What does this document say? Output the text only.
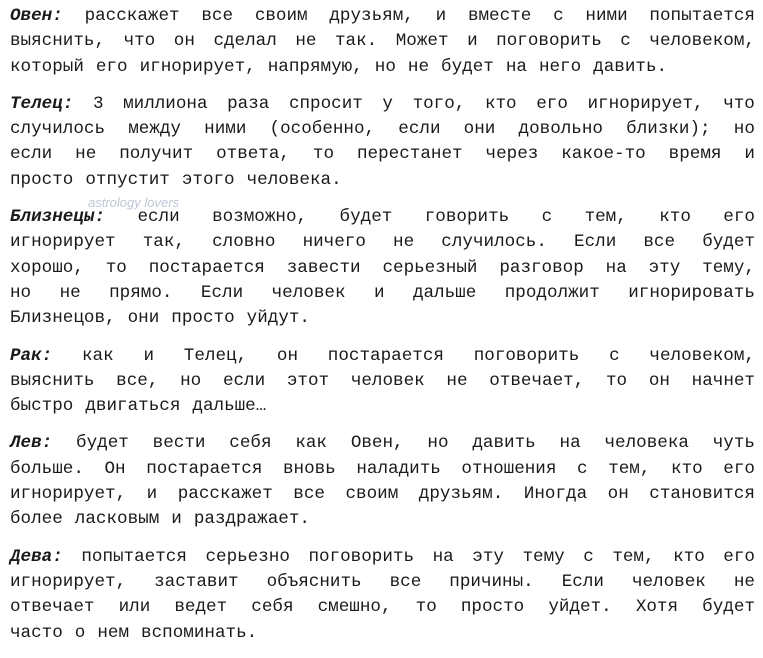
Овен: расскажет все своим друзьям, и вместе с ними попытается
выяснить, что он сделал не так. Может и поговорить с человеком,
который его игнорирует, напрямую, но не будет на него давить.
Телец: 3 миллиона раза спросит у того, кто его игнорирует, что
случилось между ними (особенно, если они довольно близки); но
если не получит ответа, то перестанет через какое-то время и
просто отпустит этого человека.
Близнецы: если возможно, будет говорить с тем, кто его
игнорирует так, словно ничего не случилось. Если все будет
хорошо, то постарается завести серьезный разговор на эту тему,
но не прямо. Если человек и дальше продолжит игнорировать
Близнецов, они просто уйдут.
Рак: как и Телец, он постарается поговорить с человеком,
выяснить все, но если этот человек не отвечает, то он начнет
быстро двигаться дальше…
Лев: будет вести себя как Овен, но давить на человека чуть
больше. Он постарается вновь наладить отношения с тем, кто его
игнорирует, и расскажет все своим друзьям. Иногда он становится
более ласковым и раздражает.
Дева: попытается серьезно поговорить на эту тему с тем, кто его
игнорирует, заставит объяснить все причины. Если человек не
отвечает или ведет себя смешно, то просто уйдет. Хотя будет
часто о нем вспоминать.
astrology lovers
